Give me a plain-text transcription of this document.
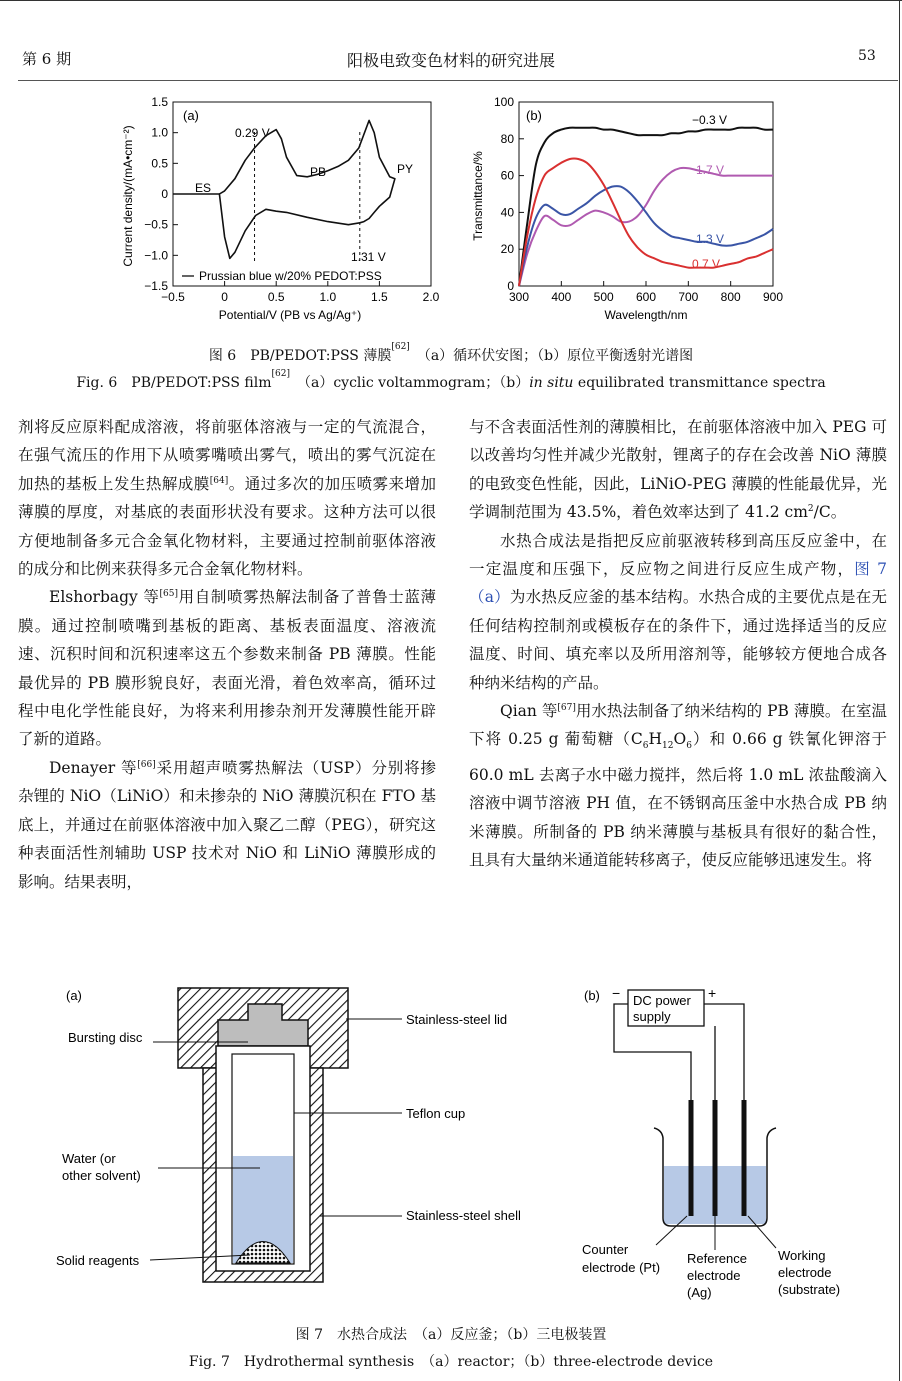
第 6 期	阳极电致变色材料的研究进展	53
(a)
Current density/(mA•cm⁻²)
Potential/V (PB vs Ag/Ag⁺)
0.29 V
1.31 V
ES
PB	PY
Prussian blue w/20% PEDOT:PSS
1.5
1.0
0.5
0
−0.5
−1.0
−1.5
−0.5	0	0.5	1.0	1.5	2.0
(b)
Transmittance/%
Wavelength/nm
−0.3 V
1.7 V
1.3 V
0.7 V
100
80
60
40
20
0
300 400 500 600 700 800 900
图 6　PB/PEDOT:PSS 薄膜[62]　（a）循环伏安图；（b）原位平衡透射光谱图
Fig. 6　PB/PEDOT:PSS film[62]　（a）cyclic voltammogram；（b）in situ equilibrated transmittance spectra

剂将反应原料配成溶液，将前驱体溶液与一定的气流混合，在强气流压的作用下从喷雾嘴喷出雾气，喷出的雾气沉淀在加热的基板上发生热解成膜[64]。通过多次的加压喷雾来增加薄膜的厚度，对基底的表面形状没有要求。这种方法可以很方便地制备多元合金氧化物材料，主要通过控制前驱体溶液的成分和比例来获得多元合金氧化物材料。

Elshorbagy 等[65]用自制喷雾热解法制备了普鲁士蓝薄膜。通过控制喷嘴到基板的距离、基板表面温度、溶液流速、沉积时间和沉积速率这五个参数来制备 PB 薄膜。性能最优异的 PB 膜形貌良好，表面光滑，着色效率高，循环过程中电化学性能良好，为将来利用掺杂剂开发薄膜性能开辟了新的道路。

Denayer 等[66]采用超声喷雾热解法（USP）分别将掺杂锂的 NiO（LiNiO）和未掺杂的 NiO 薄膜沉积在 FTO 基底上，并通过在前驱体溶液中加入聚乙二醇（PEG），研究这种表面活性剂辅助 USP 技术对 NiO 和 LiNiO 薄膜形成的影响。结果表明，

与不含表面活性剂的薄膜相比，在前驱体溶液中加入 PEG 可以改善均匀性并减少光散射，锂离子的存在会改善 NiO 薄膜的电致变色性能，因此，LiNiO-PEG 薄膜的性能最优异，光学调制范围为 43.5%，着色效率达到了 41.2 $cm^2/C$。

水热合成法是指把反应前驱液转移到高压反应釜中，在一定温度和压强下，反应物之间进行反应生成产物，图 7（a）为水热反应釜的基本结构。水热合成的主要优点是在无任何结构控制剂或模板存在的条件下，通过选择适当的反应温度、时间、填充率以及所用溶剂等，能够较方便地合成各种纳米结构的产品。

Qian 等[67]用水热法制备了纳米结构的 PB 薄膜。在室温下将 0.25 g 葡萄糖$(C_6H_{12}O_6)$和 0.66 g 铁氰化钾溶于 60.0 mL 去离子水中磁力搅拌，然后将 1.0 mL 浓盐酸滴入溶液中调节溶液 PH 值，在不锈钢高压釜中水热合成 PB 纳米薄膜。所制备的 PB 纳米薄膜与基板具有很好的黏合性，且具有大量纳米通道能转移离子，使反应能够迅速发生。将

(a)
Stainless-steel lid
Bursting disc
Teflon cup
Water (or
other solvent)
Stainless-steel shell
Solid reagents
(b) −	+
DC power
supply
Counter
electrode (Pt)
Reference
electrode
(Ag)
Working
electrode
(substrate)
图 7　水热合成法　（a）反应釜；（b）三电极装置
Fig. 7　Hydrothermal synthesis　（a）reactor；（b）three-electrode device
